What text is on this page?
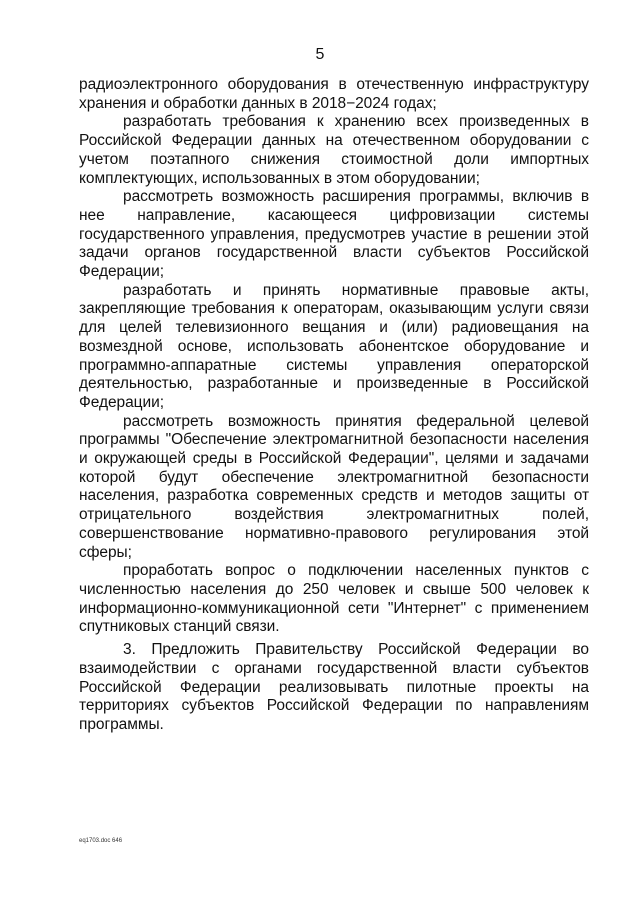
5

радиоэлектронного оборудования в отечественную инфраструктуру хранения и обработки данных в 2018−2024 годах;

разработать требования к хранению всех произведенных в Российской Федерации данных на отечественном оборудовании с учетом поэтапного снижения стоимостной доли импортных комплектующих, использованных в этом оборудовании;

рассмотреть возможность расширения программы, включив в нее направление, касающееся цифровизации системы государственного управления, предусмотрев участие в решении этой задачи органов государственной власти субъектов Российской Федерации;

разработать и принять нормативные правовые акты, закрепляющие требования к операторам, оказывающим услуги связи для целей телевизионного вещания и (или) радиовещания на возмездной основе, использовать абонентское оборудование и программно-аппаратные системы управления операторской деятельностью, разработанные и произведенные в Российской Федерации;

рассмотреть возможность принятия федеральной целевой программы "Обеспечение электромагнитной безопасности населения и окружающей среды в Российской Федерации", целями и задачами которой будут обеспечение электромагнитной безопасности населения, разработка современных средств и методов защиты от отрицательного воздействия электромагнитных полей, совершенствование нормативно-правового регулирования этой сферы;

проработать вопрос о подключении населенных пунктов с численностью населения до 250 человек и свыше 500 человек к информационно-коммуникационной сети "Интернет" с применением спутниковых станций связи.

3. Предложить Правительству Российской Федерации во взаимодействии с органами государственной власти субъектов Российской Федерации реализовывать пилотные проекты на территориях субъектов Российской Федерации по направлениям программы.

eq1703.doc 646
